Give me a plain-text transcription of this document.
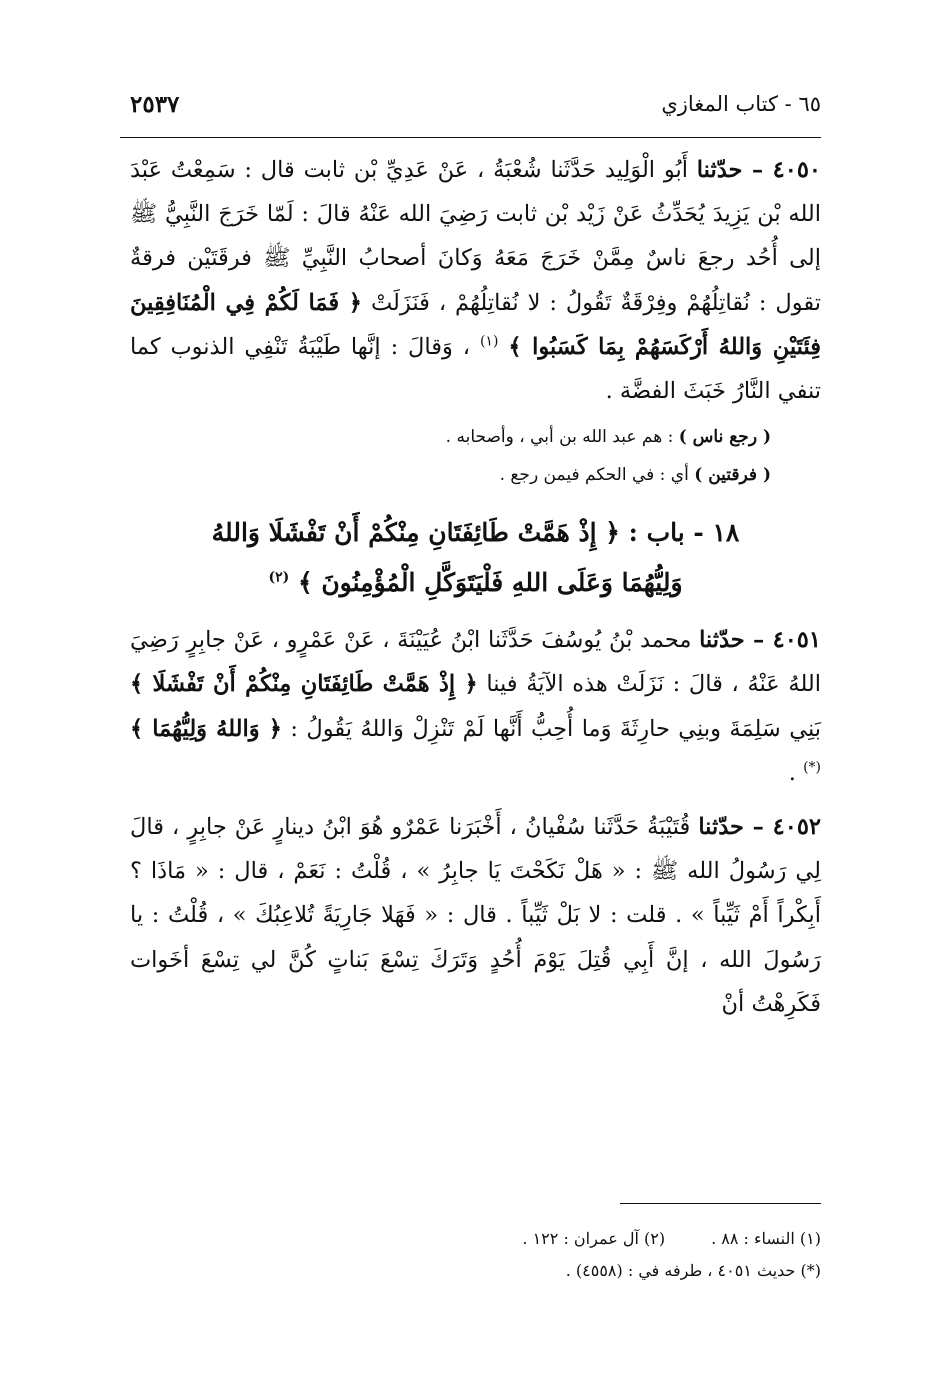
٦٥ - كتاب المغازي
٢٥٣٧

٤٠٥٠ – حدّثنا أَبُو الْوَلِيد حَدَّثَنا شُعْبَةُ ، عَنْ عَدِيِّ بْن ثابت قال : سَمِعْتُ عَبْدَ الله بْن يَزِيدَ يُحَدِّثُ عَنْ زَيْد بْن ثابت رَضِيَ الله عَنْهُ قالَ : لَمّا خَرَجَ النَّبِيُّ ﷺ إلى أُحُد رجعَ ناسٌ مِمَّنْ خَرَجَ مَعَهُ وَكانَ أصحابُ النَّبِيِّ ﷺ فرقَتَيْن فرقةٌ تقول : نُقاتِلُهُمْ وفِرْقَةٌ تَقُولُ : لا نُقاتِلُهُمْ ، فَنَزَلَتْ ﴿ فَمَا لَكُمْ فِي الْمُنَافِقِينَ فِئَتَيْنِ وَاللهُ أَرْكَسَهُمْ بِمَا كَسَبُوا ﴾ $^{(١)}$ ، وَقالَ : إنَّها طَيْبَةُ تَنْفِي الذنوب كما تنفي النَّارُ خَبَثَ الفضَّة .

( رجع ناس ) : هم عبد الله بن أبي ، وأصحابه .
( فرقتين ) أي : في الحكم فيمن رجع .
١٨ - باب : ﴿ إِذْ هَمَّتْ طَائِفَتَانِ مِنْكُمْ أَنْ تَفْشَلَا وَاللهُ
وَلِيُّهُمَا وَعَلَى اللهِ فَلْيَتَوَكَّلِ الْمُؤْمِنُونَ ﴾ $^{(٢)}$

٤٠٥١ – حدّثنا محمد بْنُ يُوسُفَ حَدَّثَنا ابْنُ عُيَيْنَةَ ، عَنْ عَمْرٍو ، عَنْ جابِرٍ رَضِيَ اللهُ عَنْهُ ، قالَ : نَزَلَتْ هذه الآيَةُ فينا ﴿ إِذْ هَمَّتْ طَائِفَتَانِ مِنْكُمْ أَنْ تَفْشَلَا ﴾ بَنِي سَلِمَةَ وبنِي حارِثَةَ وَما أُحِبُّ أَنَّها لَمْ تَنْزِلْ وَاللهُ يَقُولُ : ﴿ وَاللهُ وَلِيُّهُمَا ﴾ (*) .

٤٠٥٢ – حدّثنا قُتَيْبَةُ حَدَّثَنا سُفْيانُ ، أَخْبَرَنا عَمْرٌو هُوَ ابْنُ دينارٍ عَنْ جابِرٍ ، قالَ لِي رَسُولُ الله ﷺ : « هَلْ نَكَحْتَ يَا جابِرُ » ، قُلْتُ : نَعَمْ ، قال : « مَاذَا ؟ أَبِكْراً أَمْ ثَيِّباً » . قلت : لا بَلْ ثَيِّباً . قال : « فَهَلا جَارِيَةً تُلاعِبُكَ » ، قُلْتُ : يا رَسُولَ الله ، إنَّ أَبِي قُتِلَ يَوْمَ أُحُدٍ وَتَرَكَ تِسْعَ بَناتٍ كُنَّ لي تِسْعَ أخَوات فَكَرِهْتُ أنْ

(١) النساء : ٨٨ .(٢) آل عمران : ١٢٢ .
(*) حديث ٤٠٥١ ، طرفه في : (٤٥٥٨) .
